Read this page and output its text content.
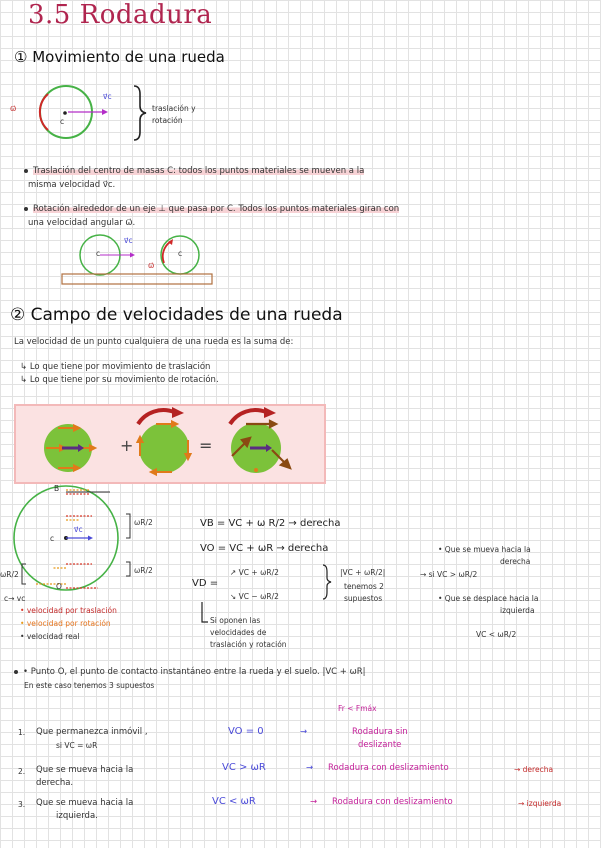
3.5 Rodadura
① Movimiento de una rueda
ω⃗
v⃗c
c
traslación y
rotación
Traslación del centro de masas C: todos los puntos materiales se mueven a la
misma velocidad v⃗c.
Rotación alrededor de un eje ⊥ que pasa por C. Todos los puntos materiales giran con
una velocidad angular ω⃗.
c	c
v⃗c
ω⃗
② Campo de velocidades de una rueda
La velocidad de un punto cualquiera de una rueda es la suma de:
↳ Lo que tiene por movimiento de traslación
↳ Lo que tiene por su movimiento de rotación.
+	=
B
c
v⃗c
O
ωR/2
ωR/2
ωR/2
c→ vc
• velocidad por traslación
• velocidad por rotación
• velocidad real
VB = VC + ω R/2 → derecha
VO = VC + ωR → derecha
VD =
↗ VC + ωR/2
↘ VC − ωR/2
|VC + ωR/2|
tenemos 2
supuestos
• Que se mueva hacia la
derecha
→ si VC > ωR/2
• Que se desplace hacia la
izquierda
VC < ωR/2
Si oponen las
velocidades de
traslación y rotación
• Punto O, el punto de contacto instantáneo entre la rueda y el suelo. |VC + ωR|
En este caso tenemos 3 supuestos
Fr < Fmáx
1. Que permanezca inmóvil ,
si VC = ωR
VO = 0	→	Rodadura sin
deslizante
2. Que se mueva hacia la
derecha.
VC > ωR	→ Rodadura con deslizamiento	→ derecha
3. Que se mueva hacia la
izquierda.
VC < ωR	→ Rodadura con deslizamiento	→ izquierda
